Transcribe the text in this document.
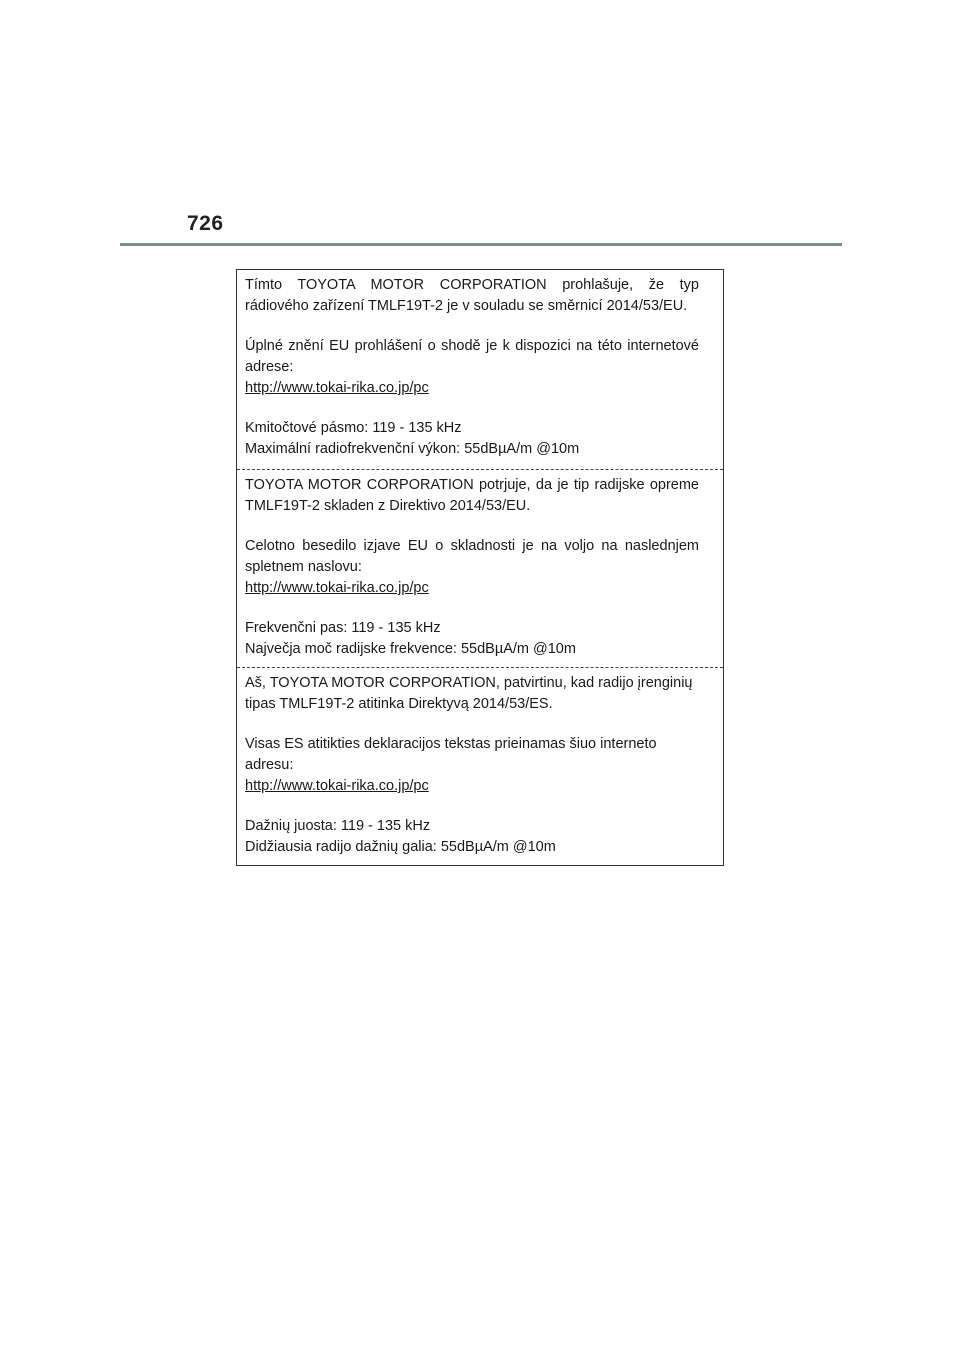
726
Tímto TOYOTA MOTOR CORPORATION prohlašuje, že typ
rádiového zařízení TMLF19T-2 je v souladu se směrnicí 2014/53/EU.
Úplné znění EU prohlášení o shodě je k dispozici na této internetové
adrese:
http://www.tokai-rika.co.jp/pc
Kmitočtové pásmo: 119 - 135 kHz
Maximální radiofrekvenční výkon: 55dBµA/m @10m
TOYOTA MOTOR CORPORATION potrjuje, da je tip radijske opreme
TMLF19T-2 skladen z Direktivo 2014/53/EU.
Celotno besedilo izjave EU o skladnosti je na voljo na naslednjem
spletnem naslovu:
http://www.tokai-rika.co.jp/pc
Frekvenčni pas: 119 - 135 kHz
Največja moč radijske frekvence: 55dBµA/m @10m
Aš, TOYOTA MOTOR CORPORATION, patvirtinu, kad radijo įrenginių
tipas TMLF19T-2 atitinka Direktyvą 2014/53/ES.
Visas ES atitikties deklaracijos tekstas prieinamas šiuo interneto
adresu:
http://www.tokai-rika.co.jp/pc
Dažnių juosta: 119 - 135 kHz
Didžiausia radijo dažnių galia: 55dBµA/m @10m
